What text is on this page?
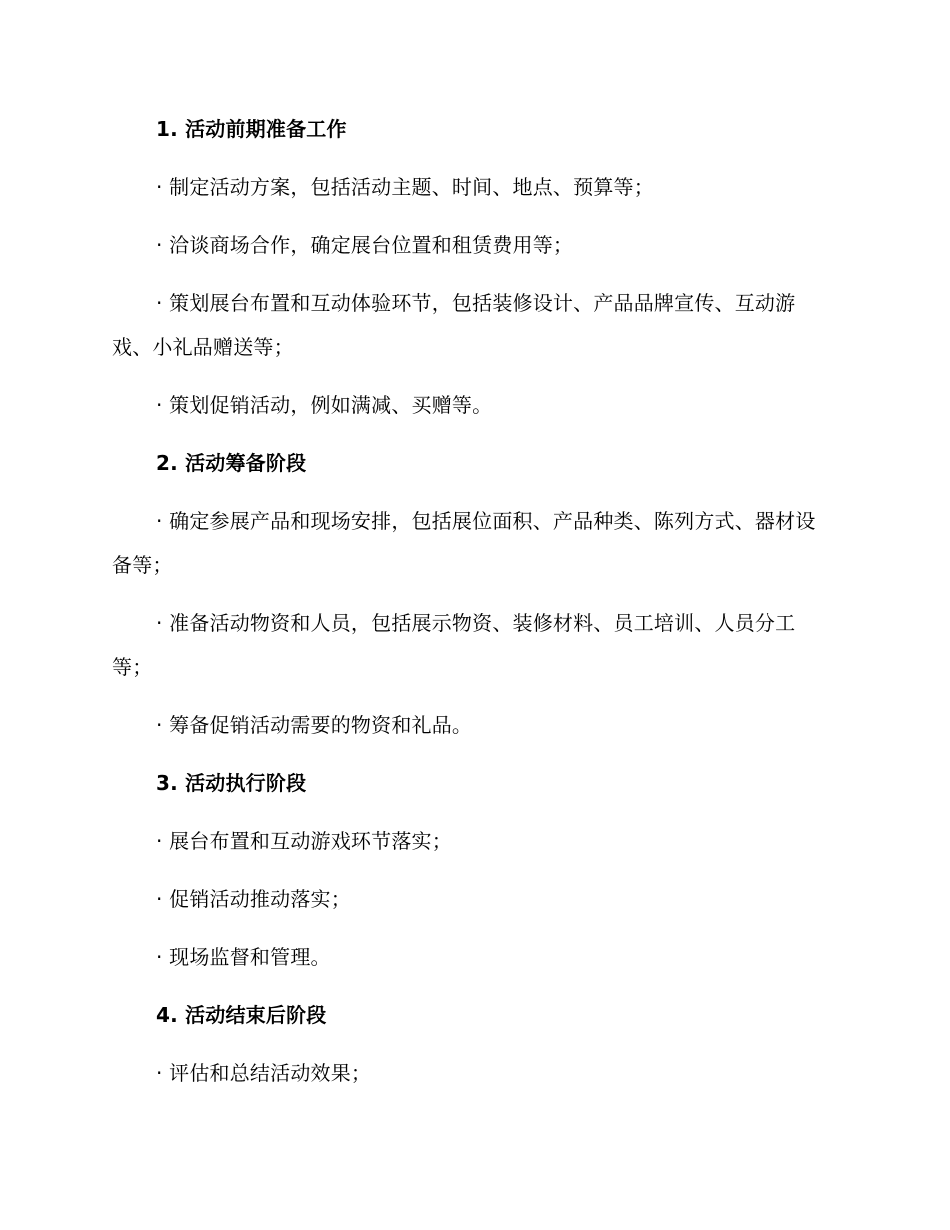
1. 活动前期准备工作
· 制定活动方案，包括活动主题、时间、地点、预算等；
· 洽谈商场合作，确定展台位置和租赁费用等；
· 策划展台布置和互动体验环节，包括装修设计、产品品牌宣传、互动游戏、小礼品赠送等；
· 策划促销活动，例如满减、买赠等。
2. 活动筹备阶段
· 确定参展产品和现场安排，包括展位面积、产品种类、陈列方式、器材设备等；
· 准备活动物资和人员，包括展示物资、装修材料、员工培训、人员分工等；
· 筹备促销活动需要的物资和礼品。
3. 活动执行阶段
· 展台布置和互动游戏环节落实；
· 促销活动推动落实；
· 现场监督和管理。
4. 活动结束后阶段
· 评估和总结活动效果；
